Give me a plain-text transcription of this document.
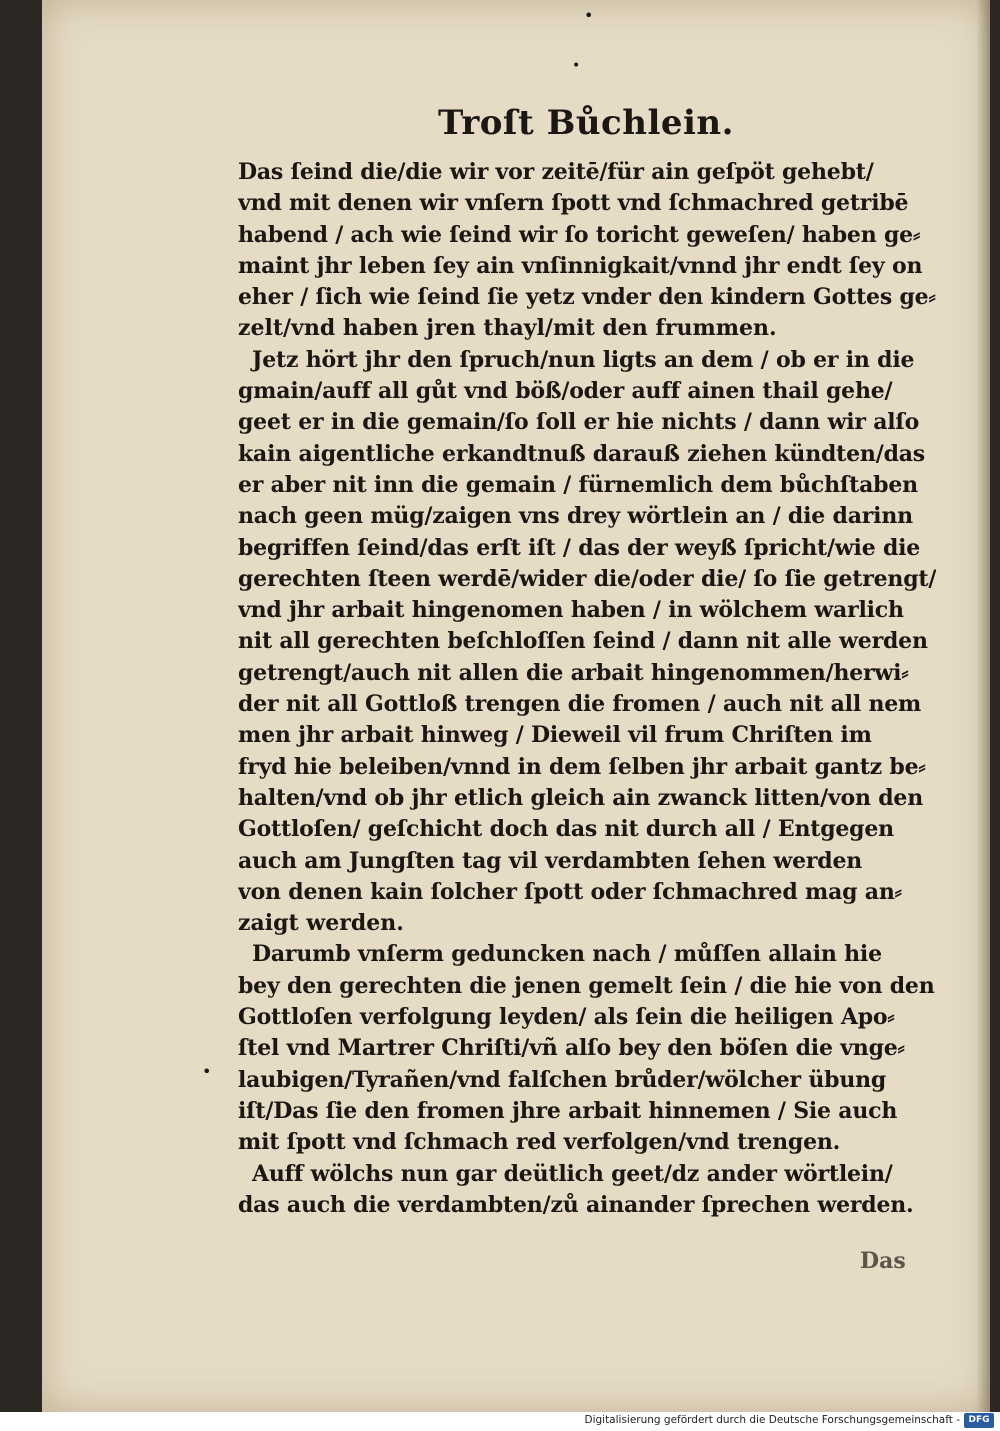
•
•
•
Troſt Bůchlein.
Das ſeind die/die wir vor zeitē/für ain geſpöt gehebt/
vnd mit denen wir vnſern ſpott vnd ſchmachred getribē
habend / ach wie ſeind wir ſo toricht geweſen/ haben ge⸗
maint jhr leben ſey ain vnſinnigkait/vnnd jhr endt ſey on
eher / ſich wie ſeind ſie yetz vnder den kindern Gottes ge⸗
zelt/vnd haben jren thayl/mit den frummen.
Jetz hört jhr den ſpruch/nun ligts an dem / ob er in die
gmain/auff all gůt vnd böß/oder auff ainen thail gehe/
geet er in die gemain/ſo ſoll er hie nichts / dann wir alſo
kain aigentliche erkandtnuß darauß ziehen kündten/das
er aber nit inn die gemain / fürnemlich dem bůchſtaben
nach geen müg/zaigen vns drey wörtlein an / die darinn
begriffen ſeind/das erſt iſt / das der weyß ſpricht/wie die
gerechten ſteen werdē/wider die/oder die/ ſo ſie getrengt/
vnd jhr arbait hingenomen haben / in wölchem warlich
nit all gerechten beſchloſſen ſeind / dann nit alle werden
getrengt/auch nit allen die arbait hingenommen/herwi⸗
der nit all Gottloß trengen die fromen / auch nit all nem
men jhr arbait hinweg / Dieweil vil frum Chriſten im
fryd hie beleiben/vnnd in dem ſelben jhr arbait gantz be⸗
halten/vnd ob jhr etlich gleich ain zwanck litten/von den
Gottloſen/ geſchicht doch das nit durch all / Entgegen
auch am Jungſten tag vil verdambten ſehen werden
von denen kain ſolcher ſpott oder ſchmachred mag an⸗
zaigt werden.
Darumb vnſerm geduncken nach / můſſen allain hie
bey den gerechten die jenen gemelt ſein / die hie von den
Gottloſen verfolgung leyden/ als ſein die heiligen Apo⸗
ſtel vnd Martrer Chriſti/vñ alſo bey den böſen die vnge⸗
laubigen/Tyrañen/vnd falſchen brůder/wölcher übung
iſt/Das ſie den fromen jhre arbait hinnemen / Sie auch
mit ſpott vnd ſchmach red verfolgen/vnd trengen.
Auff wölchs nun gar deütlich geet/dz ander wörtlein/
das auch die verdambten/zů ainander ſprechen werden.
Das
Digitalisierung gefördert durch die Deutsche Forschungsgemeinschaft - DFG
